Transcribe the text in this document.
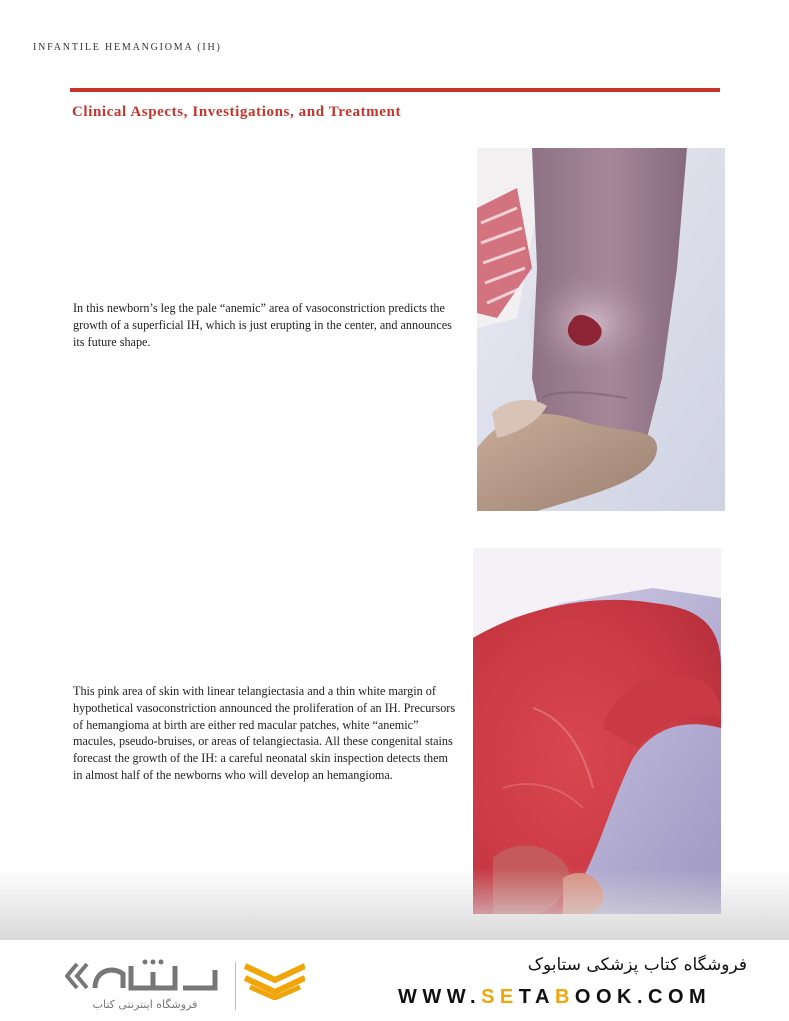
INFANTILE HEMANGIOMA (IH)
Clinical Aspects, Investigations, and Treatment
In this newborn’s leg the pale “anemic” area of vasoconstriction predicts the growth of a superficial IH, which is just erupting in the center, and announces its future shape.
This pink area of skin with linear telangiectasia and a thin white margin of hypothetical vasoconstriction announced the proliferation of an IH. Precursors of hemangioma at birth are either red macular patches, white “anemic” macules, pseudo-bruises, or areas of telangiectasia. All these congenital stains forecast the growth of the IH: a careful neonatal skin inspection detects them in almost half of the newborns who will develop an hemangioma.
فروشگاه اینترنتی کتاب
فروشگاه کتاب پزشکی ستابوک
WWW.SETABOOK.COM
